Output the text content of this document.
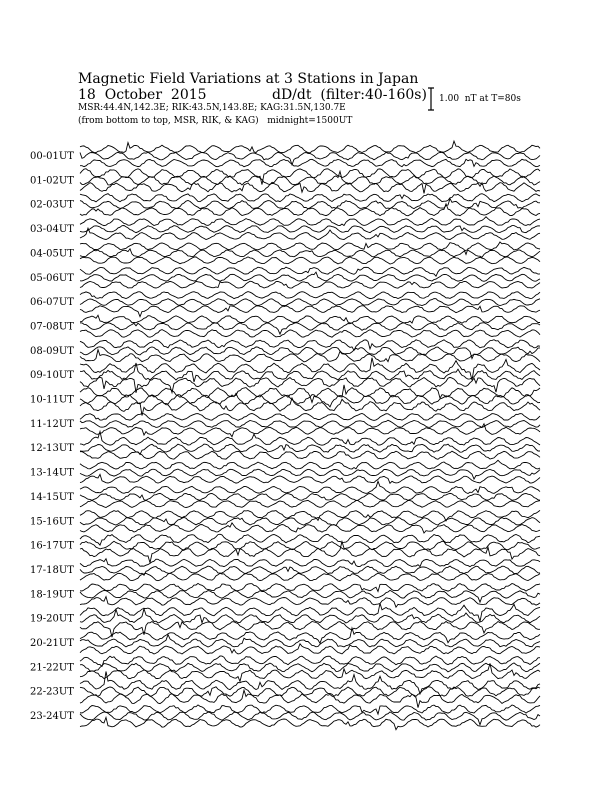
Magnetic Field Variations at 3 Stations in Japan
18  October  2015	dD/dt  (filter:40-160s)
MSR:44.4N,142.3E; RIK:43.5N,143.8E; KAG:31.5N,130.7E
(from bottom to top, MSR, RIK, & KAG)   midnight=1500UT
1.00  nT at T=80s
00-01UT
01-02UT
02-03UT
03-04UT
04-05UT
05-06UT
06-07UT
07-08UT
08-09UT
09-10UT
10-11UT
11-12UT
12-13UT
13-14UT
14-15UT
15-16UT
16-17UT
17-18UT
18-19UT
19-20UT
20-21UT
21-22UT
22-23UT
23-24UT
